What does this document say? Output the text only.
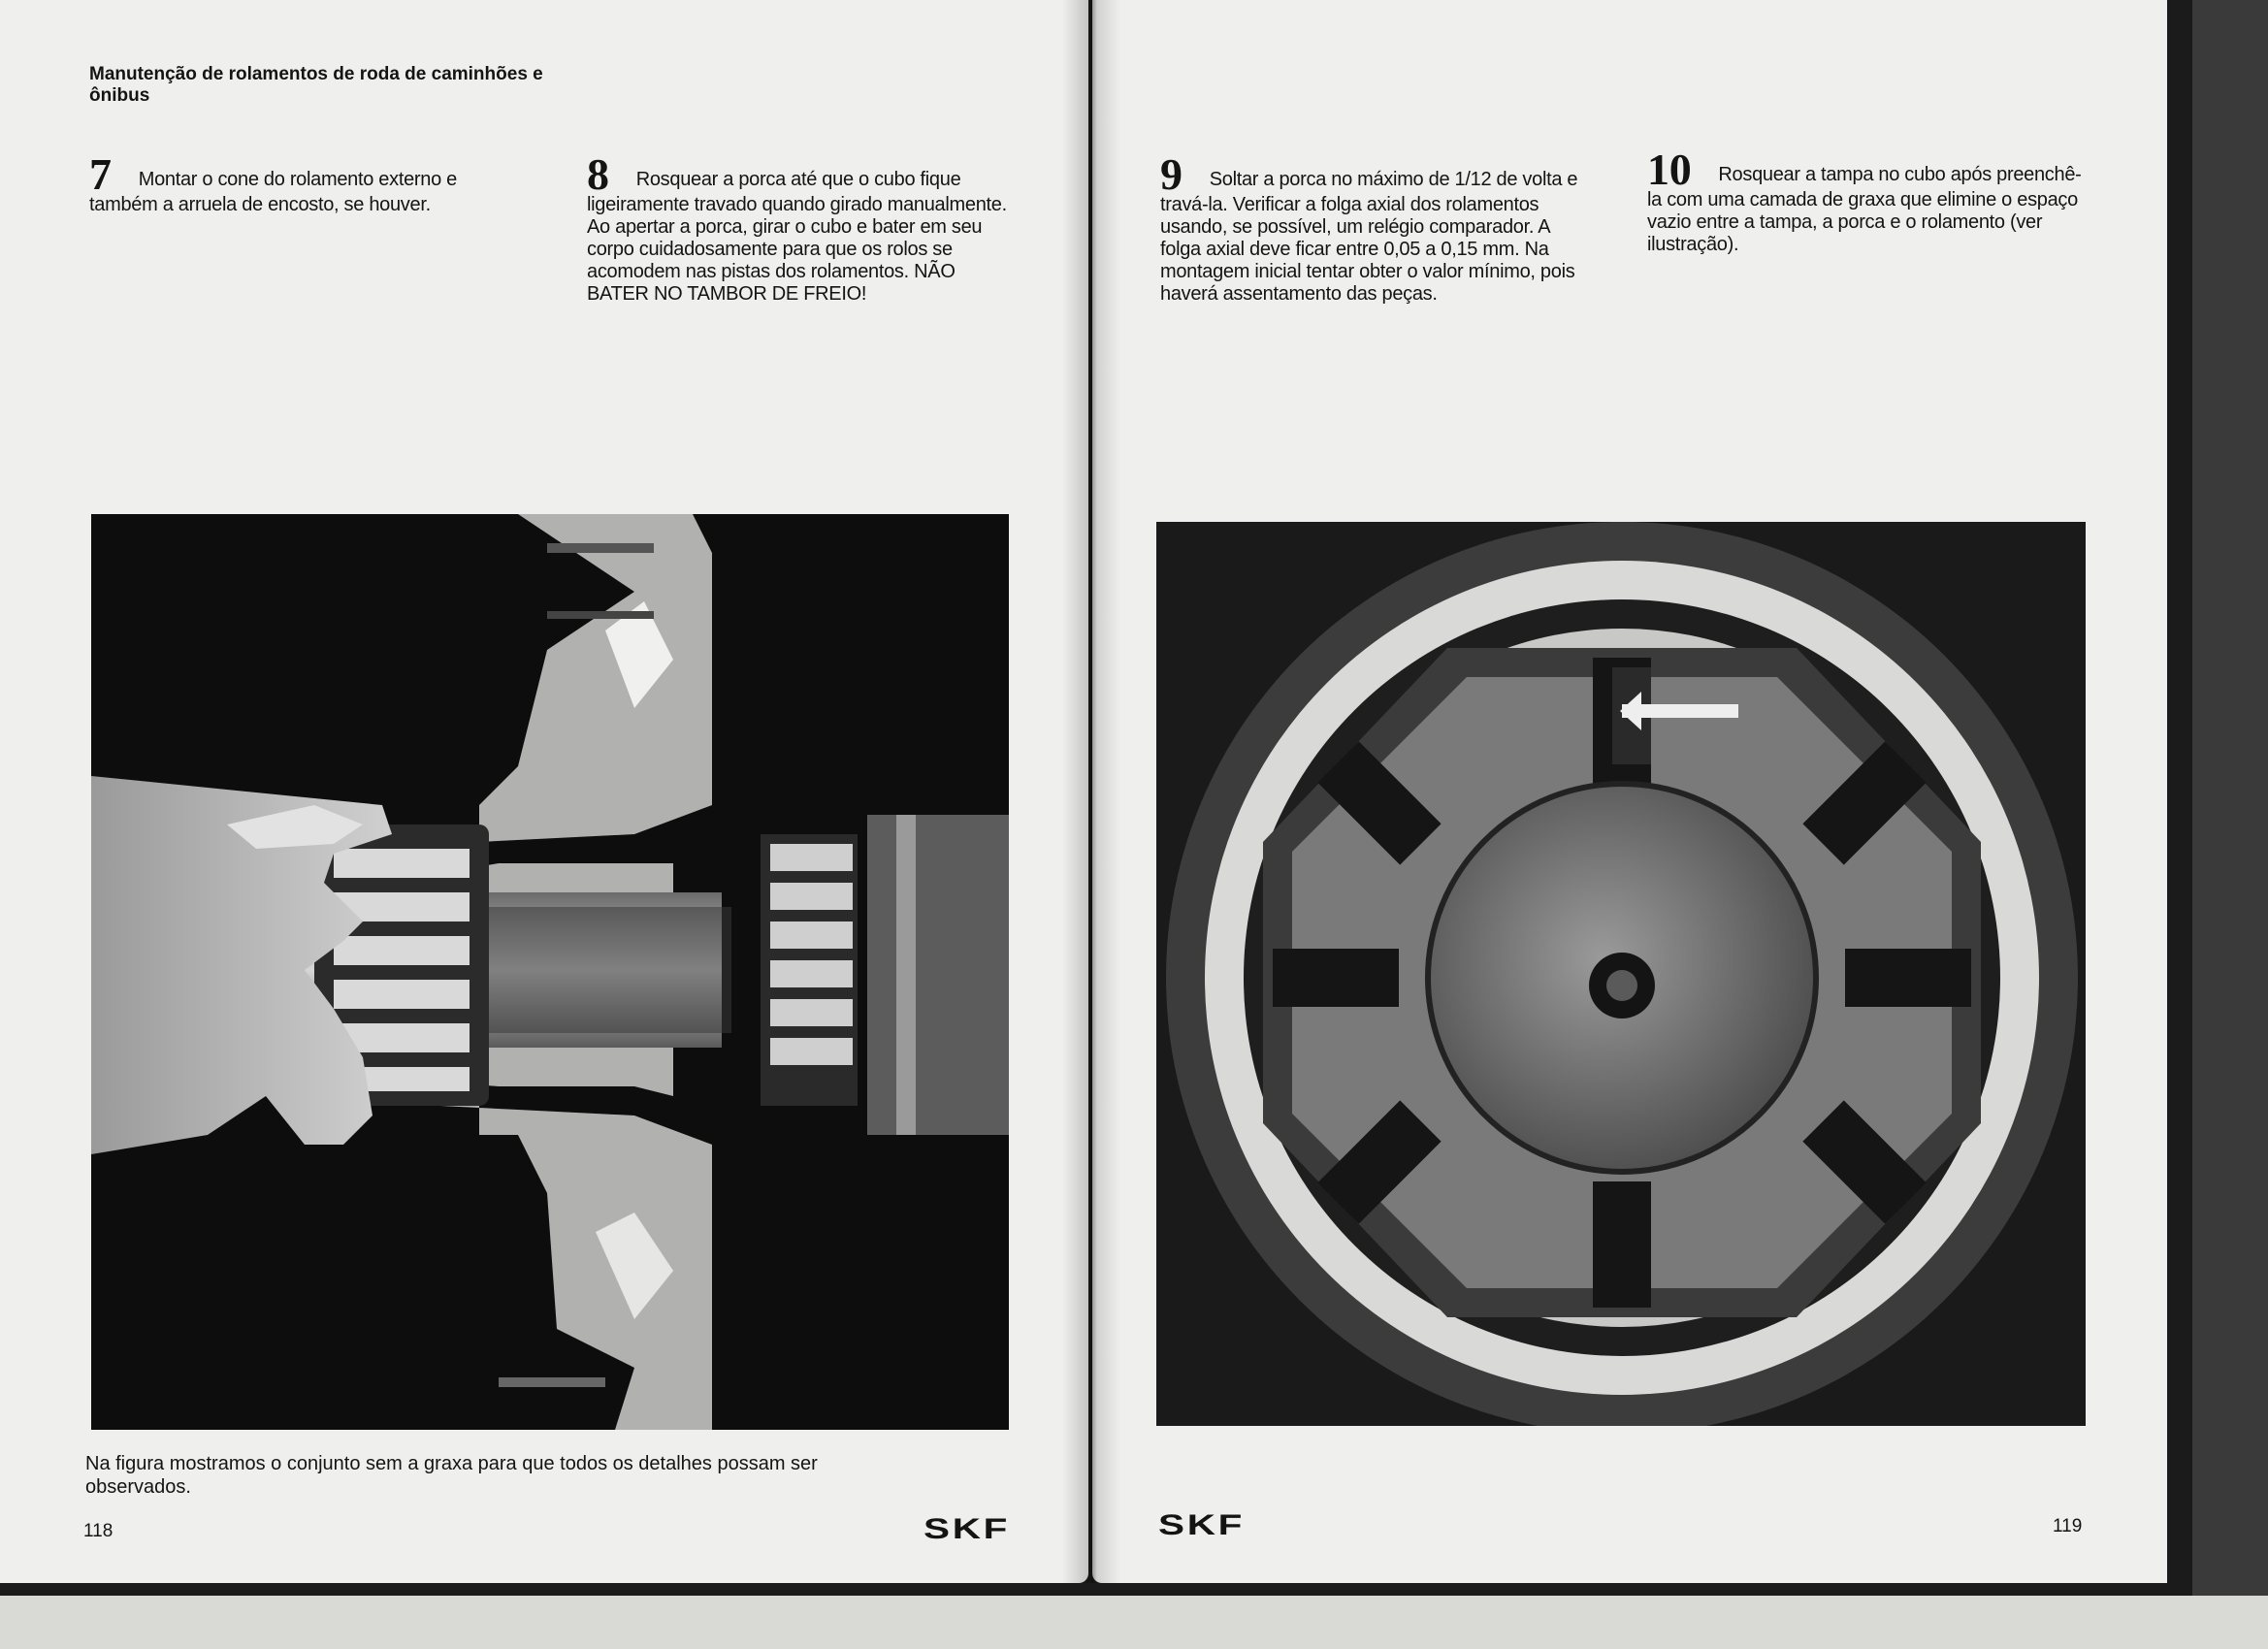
Manutenção de rolamentos de roda de caminhões e ônibus
7 Montar o cone do rolamento externo e também a arruela de encosto, se houver.
8 Rosquear a porca até que o cubo fique ligeiramente travado quando girado manualmente. Ao apertar a porca, girar o cubo e bater em seu corpo cuidadosamente para que os rolos se acomodem nas pistas dos rolamentos. NÃO BATER NO TAMBOR DE FREIO!
Na figura mostramos o conjunto sem a graxa para que todos os detalhes possam ser observados.
118	SKF
9 Soltar a porca no máximo de 1/12 de volta e travá-la. Verificar a folga axial dos rolamentos usando, se possível, um relégio comparador. A folga axial deve ficar entre 0,05 a 0,15 mm. Na montagem inicial tentar obter o valor mínimo, pois haverá assentamento das peças.
10 Rosquear a tampa no cubo após preenchê-la com uma camada de graxa que elimine o espaço vazio entre a tampa, a porca e o rolamento (ver ilustração).
119
SKF
